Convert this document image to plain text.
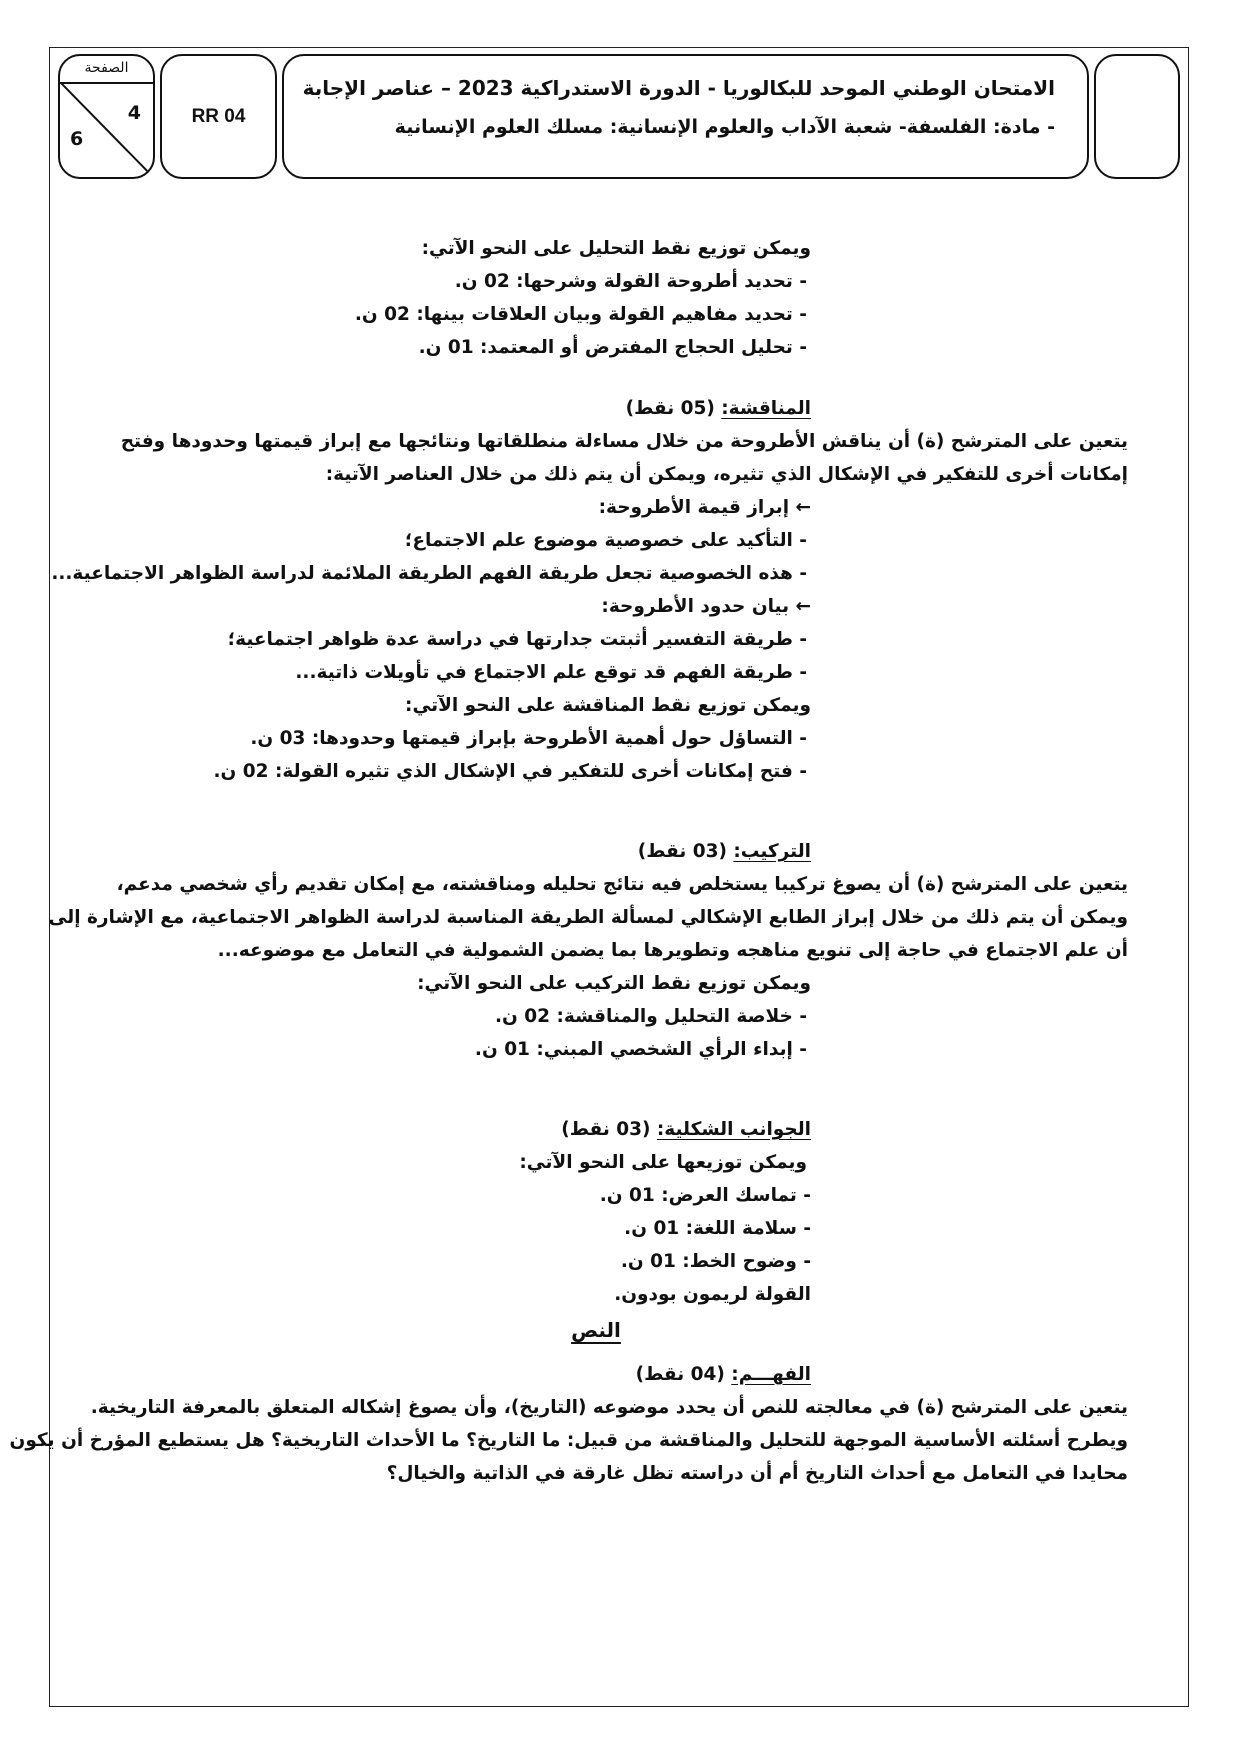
الامتحان الوطني الموحد للبكالوريا - الدورة الاستدراكية 2023 – عناصر الإجابة
- مادة: الفلسفة- شعبة الآداب والعلوم الإنسانية: مسلك العلوم الإنسانية
RR 04
الصفحة
4
6
ويمكن توزيع نقط التحليل على النحو الآتي:
- تحديد أطروحة القولة وشرحها: 02 ن.
- تحديد مفاهيم القولة وبيان العلاقات بينها: 02 ن.
- تحليل الحجاج المفترض أو المعتمد: 01 ن.
المناقشة: (05 نقط)
يتعين على المترشح (ة) أن يناقش الأطروحة من خلال مساءلة منطلقاتها ونتائجها مع إبراز قيمتها وحدودها وفتح
إمكانات أخرى للتفكير في الإشكال الذي تثيره، ويمكن أن يتم ذلك من خلال العناصر الآتية:
← إبراز قيمة الأطروحة:
- التأكيد على خصوصية موضوع علم الاجتماع؛
- هذه الخصوصية تجعل طريقة الفهم الطريقة الملائمة لدراسة الظواهر الاجتماعية...
← بيان حدود الأطروحة:
- طريقة التفسير أثبتت جدارتها في دراسة عدة ظواهر اجتماعية؛
- طريقة الفهم قد توقع علم الاجتماع في تأويلات ذاتية...
ويمكن توزيع نقط المناقشة على النحو الآتي:
- التساؤل حول أهمية الأطروحة بإبراز قيمتها وحدودها: 03 ن.
- فتح إمكانات أخرى للتفكير في الإشكال الذي تثيره القولة: 02 ن.
التركيب: (03 نقط)
يتعين على المترشح (ة) أن يصوغ تركيبا يستخلص فيه نتائج تحليله ومناقشته، مع إمكان تقديم رأي شخصي مدعم،
ويمكن أن يتم ذلك من خلال إبراز الطابع الإشكالي لمسألة الطريقة المناسبة لدراسة الظواهر الاجتماعية، مع الإشارة إلى
أن علم الاجتماع في حاجة إلى تنويع مناهجه وتطويرها بما يضمن الشمولية في التعامل مع موضوعه...
ويمكن توزيع نقط التركيب على النحو الآتي:
- خلاصة التحليل والمناقشة: 02 ن.
- إبداء الرأي الشخصي المبني: 01 ن.
الجوانب الشكلية: (03 نقط)
ويمكن توزيعها على النحو الآتي:
- تماسك العرض: 01 ن.
- سلامة اللغة: 01 ن.
- وضوح الخط: 01 ن.
القولة لريمون بودون.
النص
الفهـــم: (04 نقط)
يتعين على المترشح (ة) في معالجته للنص أن يحدد موضوعه (التاريخ)، وأن يصوغ إشكاله المتعلق بالمعرفة التاريخية.
ويطرح أسئلته الأساسية الموجهة للتحليل والمناقشة من قبيل: ما التاريخ؟ ما الأحداث التاريخية؟ هل يستطيع المؤرخ أن يكون
محايدا في التعامل مع أحداث التاريخ أم أن دراسته تظل غارقة في الذاتية والخيال؟
